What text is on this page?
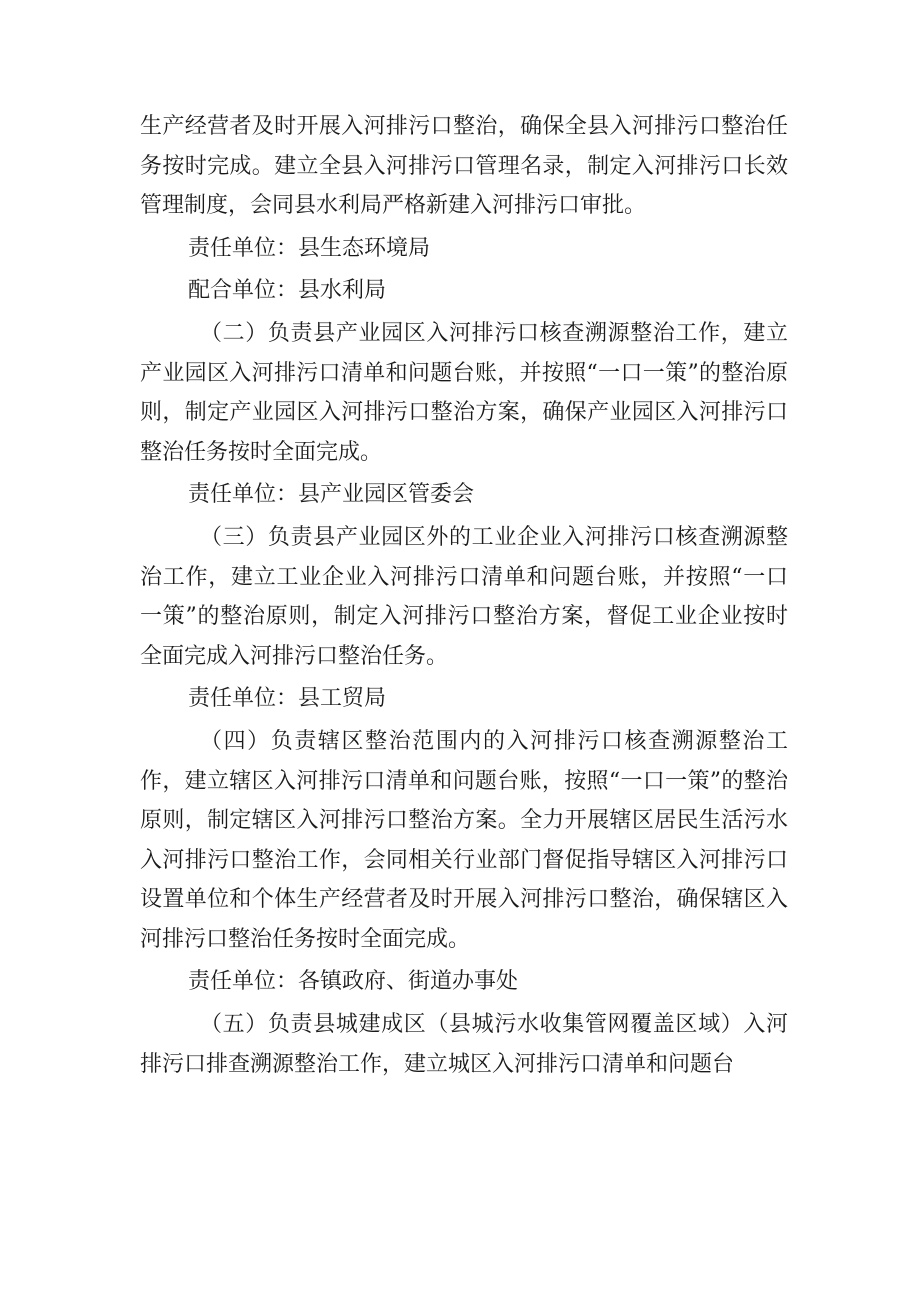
生产经营者及时开展入河排污口整治，确保全县入河排污口整治任务按时完成。建立全县入河排污口管理名录，制定入河排污口长效管理制度，会同县水利局严格新建入河排污口审批。

责任单位：县生态环境局

配合单位：县水利局

（二）负责县产业园区入河排污口核查溯源整治工作，建立产业园区入河排污口清单和问题台账，并按照“一口一策”的整治原则，制定产业园区入河排污口整治方案，确保产业园区入河排污口整治任务按时全面完成。

责任单位：县产业园区管委会

（三）负责县产业园区外的工业企业入河排污口核查溯源整治工作，建立工业企业入河排污口清单和问题台账，并按照“一口一策”的整治原则，制定入河排污口整治方案，督促工业企业按时全面完成入河排污口整治任务。

责任单位：县工贸局

（四）负责辖区整治范围内的入河排污口核查溯源整治工作，建立辖区入河排污口清单和问题台账，按照“一口一策”的整治原则，制定辖区入河排污口整治方案。全力开展辖区居民生活污水入河排污口整治工作，会同相关行业部门督促指导辖区入河排污口设置单位和个体生产经营者及时开展入河排污口整治，确保辖区入河排污口整治任务按时全面完成。

责任单位：各镇政府、街道办事处

（五）负责县城建成区（县城污水收集管网覆盖区域）入河排污口排查溯源整治工作，建立城区入河排污口清单和问题台
